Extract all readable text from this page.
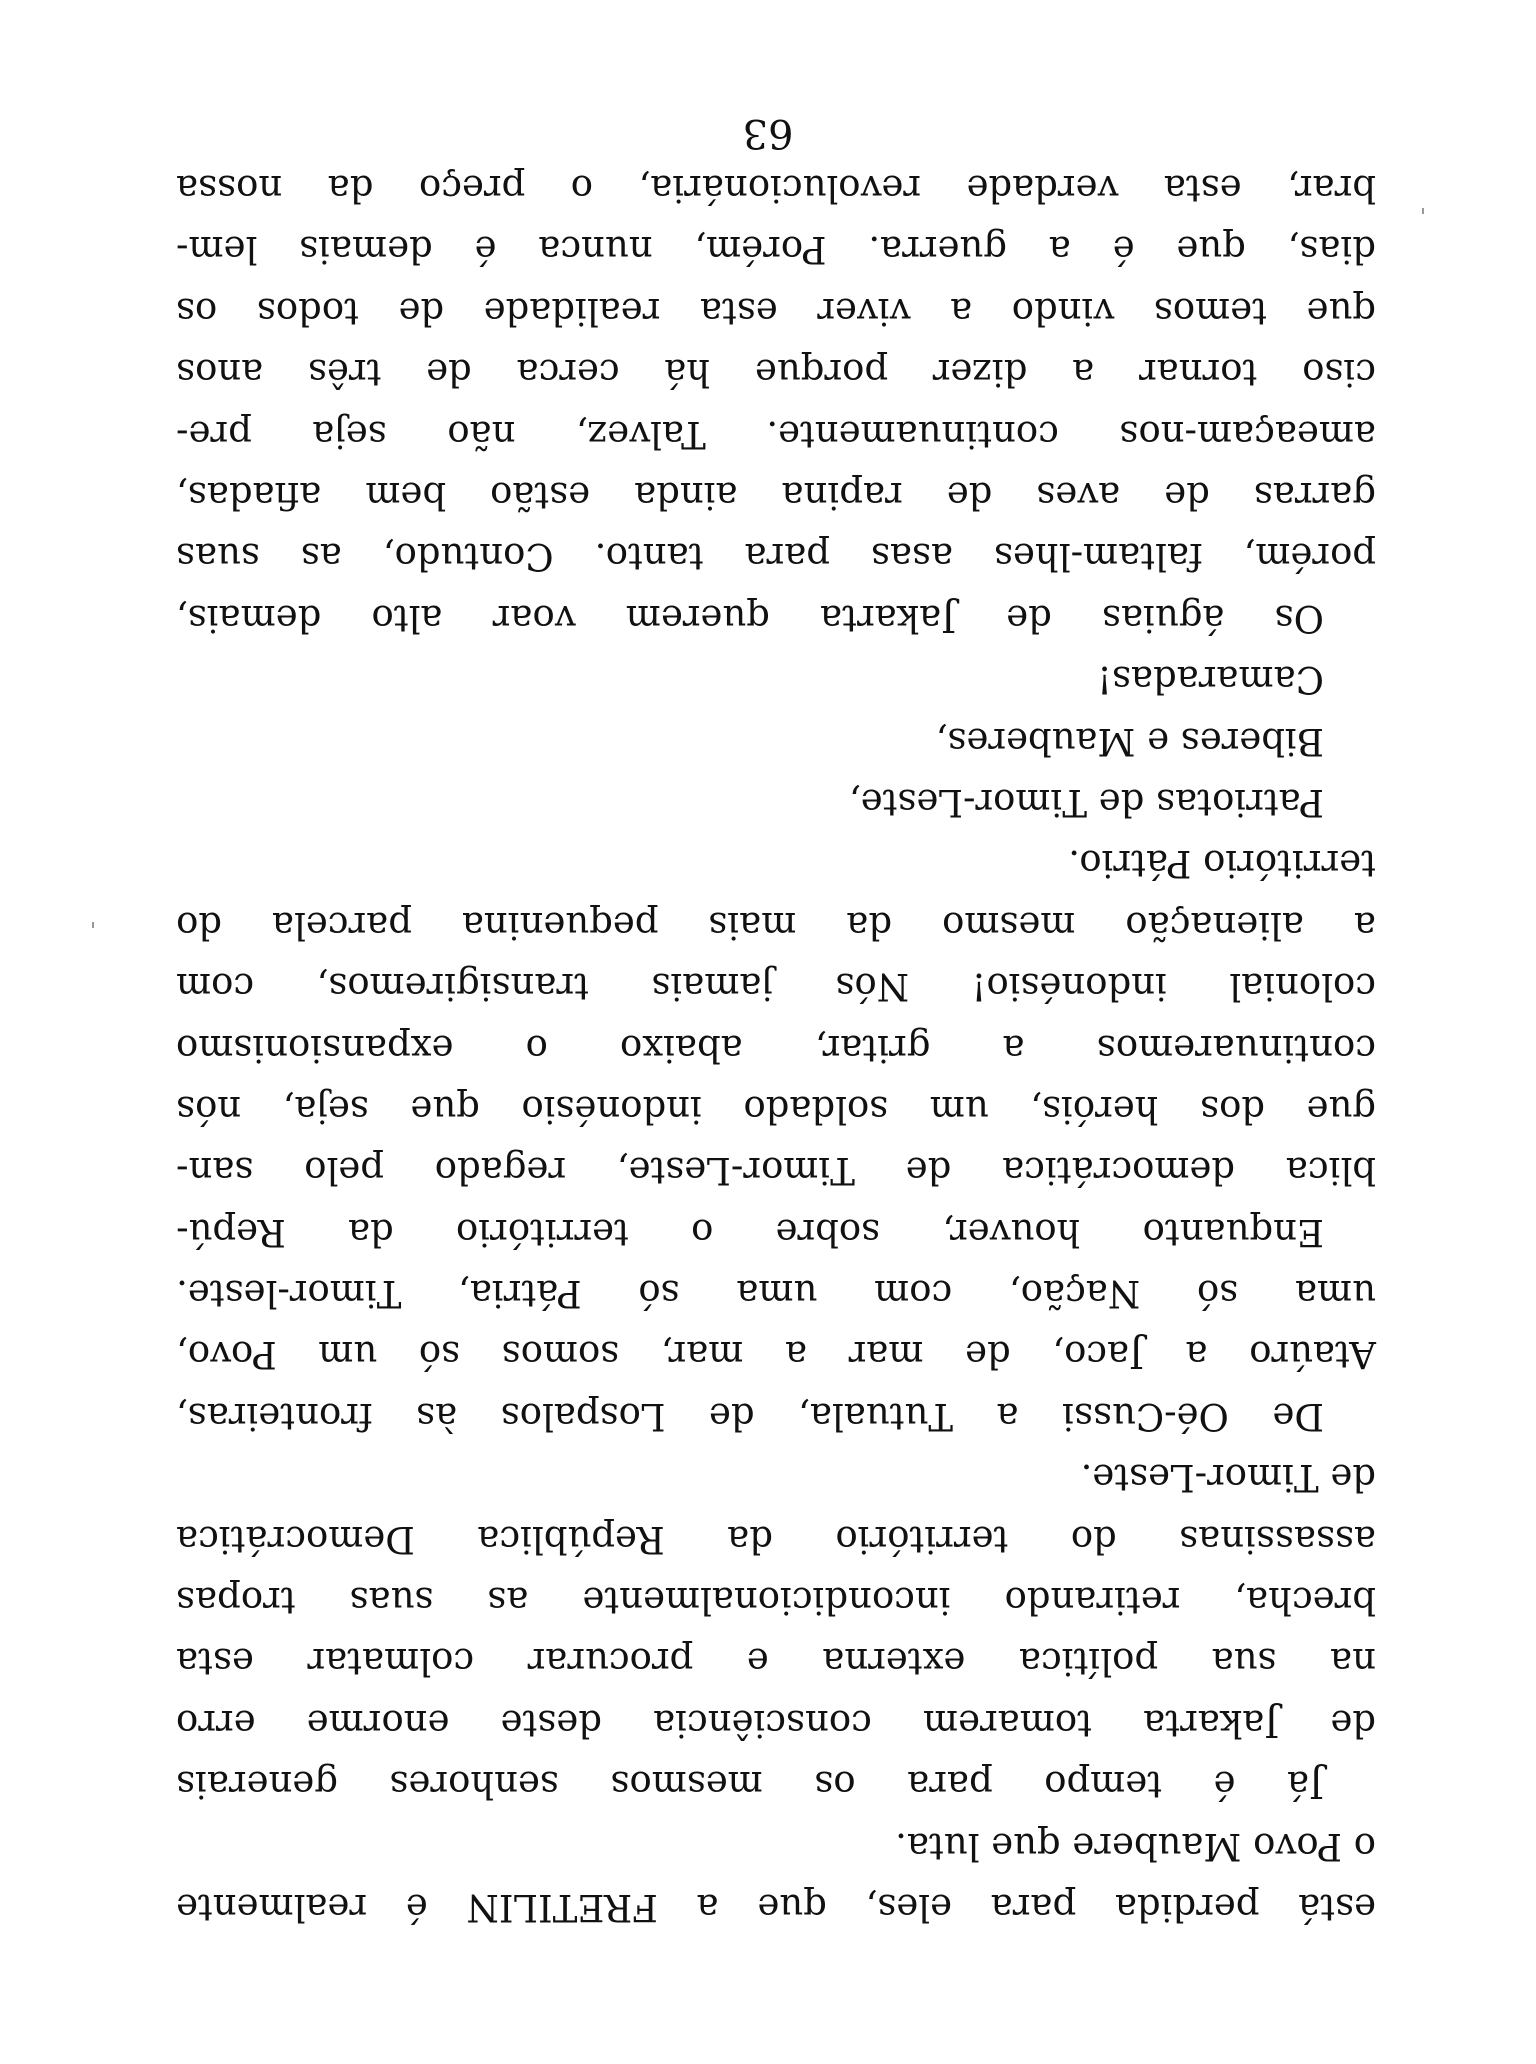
está
perdida
para
eles,
que
a
FRETILIN
é
realmente
o Povo Maubere que luta.
Já
é
tempo
para
os
mesmos
senhores
generais
de
Jakarta
tomarem
consciência
deste
enorme
erro
na
sua
política
externa
e
procurar
colmatar
esta
brecha,
retirando
incondicionalmente
as
suas
tropas
assassinas
do
território
da
República
Democrática
de Timor-Leste.
De
Oé-Cussi
a
Tutuala,
de
Lospalos
às
fronteiras,
Ataúro
a
Jaco,
de
mar
a
mar,
somos
só
um
Povo,
uma
só
Nação,
com
uma
só
Pátria,
Timor-leste.
Enquanto
houver,
sobre
o
território
da
Repú-
blica
democrática
de
Timor-Leste,
regado
pelo
san-
gue
dos
heróis,
um
soldado
indonésio
que
seja,
nós
continuaremos
a
gritar,
abaixo
o
expansionismo
colonial
indonésio!
Nós
jamais
transigiremos,
com
a
alienação
mesmo
da
mais
pequenina
parcela
do
território Pátrio.
Patriotas de Timor-Leste,
Biberes e Mauberes,
Camaradas!
Os
águias
de
Jakarta
querem
voar
alto
demais,
porém,
faltam-lhes
asas
para
tanto.
Contudo,
as
suas
garras
de
aves
de
rapina
ainda
estão
bem
afiadas,
ameaçam-nos
continuamente.
Talvez,
não
seja
pre-
ciso
tornar
a
dizer
porque
há
cerca
de
três
anos
que
temos
vindo
a
viver
esta
realidade
de
todos
os
dias,
que
é
a
guerra.
Porém,
nunca
é
demais
lem-
brar,
esta
verdade
revolucionária,
o
preço
da
nossa
63
